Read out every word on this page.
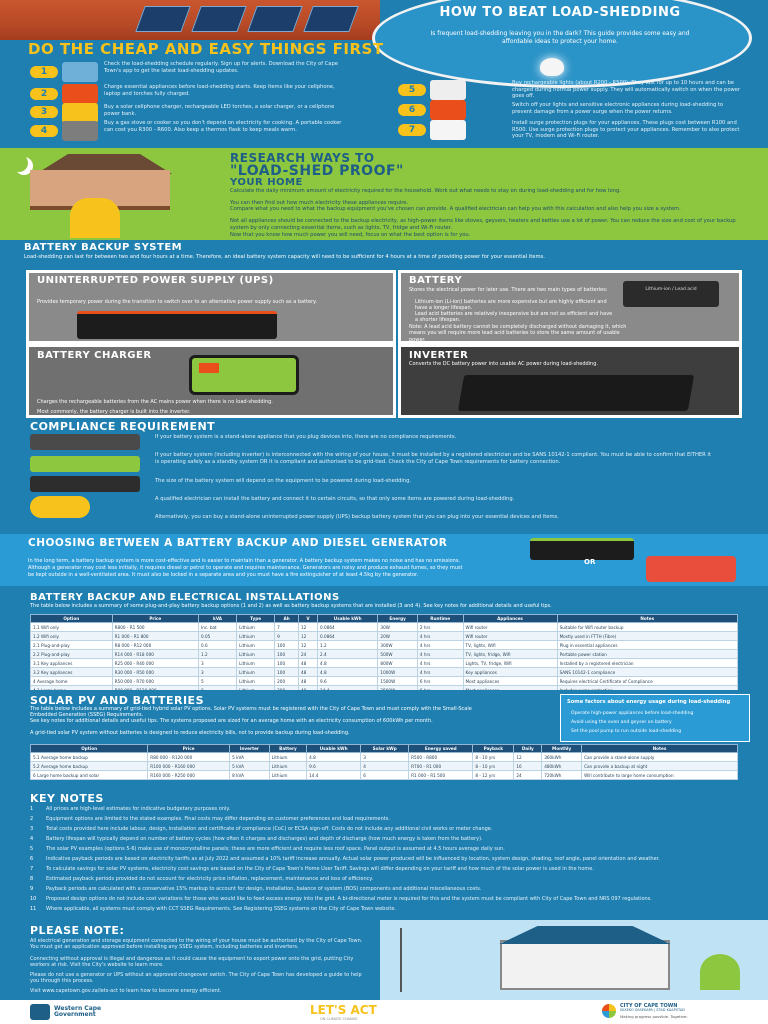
HOW TO BEAT LOAD-SHEDDING
Is frequent load-shedding leaving you in the dark? This guide provides some easy and affordable ideas to protect your home.
DO THE CHEAP AND EASY THINGS FIRST
1
Check the load-shedding schedule regularly. Sign up for alerts. Download the City of Cape Town's app to get the latest load-shedding updates.
2
Charge essential appliances before load-shedding starts. Keep items like your cellphone, laptop and torches fully charged.
3	Buy a solar cellphone charger, rechargeable LED torches, a solar charger, or a cellphone power bank.
4
Buy a gas stove or cooker so you don't depend on electricity for cooking. A portable cooker can cost you R300 - R600. Also keep a thermos flask to keep meals warm.
5
Buy rechargeable lights (about R200 - R500). They last for up to 10 hours and can be charged during normal power supply. They will automatically switch on when the power goes off.
6	Switch off your lights and sensitive electronic appliances during load-shedding to prevent damage from a power surge when the power returns.
7
Install surge protection plugs for your appliances. These plugs cost between R100 and R500. Use surge protection plugs to protect your appliances. Remember to also protect your TV, modem and Wi-Fi router.
RESEARCH WAYS TO
"LOAD-SHED PROOF"
YOUR HOME
Calculate the daily minimum amount of electricity required for the household. Work out what needs to stay on during load-shedding and for how long.
You can then find out how much electricity these appliances require.
Compare what you need to what the backup equipment you've chosen can provide. A qualified electrician can help you with this calculation and also help you size a system.
Not all appliances should be connected to the backup electricity, as high-power items like stoves, geysers, heaters and kettles use a lot of power. You can reduce the size and cost of your backup system by only connecting essential items, such as lights, TV, fridge and Wi-Fi router.
Now that you know how much power you will need, focus on what the best option is for you.
BATTERY BACKUP SYSTEM
Load-shedding can last for between two and four hours at a time. Therefore, an ideal battery system capacity will need to be sufficient for 4 hours at a time of providing power for your essential items.
UNINTERRUPTED POWER SUPPLY (UPS)
Provides temporary power during the transition to switch over to an alternative power supply such as a battery.
BATTERY
Stores the electrical power for later use. There are two main types of batteries:
Lithium-ion (Li-ion) batteries are more expensive but are highly efficient and have a longer lifespan.
Lead acid batteries are relatively inexpensive but are not as efficient and have a shorter lifespan.
Note: A lead acid battery cannot be completely discharged without damaging it, which means you will require more lead acid batteries to store the same amount of usable power.
Lithium-ion / Lead acid
BATTERY CHARGER
Charges the rechargeable batteries from the AC mains power when there is no load-shedding.
Most commonly, the battery charger is built into the inverter.
INVERTER
Converts the DC battery power into usable AC power during load-shedding.
COMPLIANCE REQUIREMENT
If your battery system is a stand-alone appliance that you plug devices into, there are no compliance requirements.
If your battery system (including inverter) is interconnected with the wiring of your house, it must be installed by a registered electrician and be SANS 10142-1 compliant. You must be able to confirm that EITHER it is operating safely as a standby system OR it is compliant and authorised to be grid-tied. Check the City of Cape Town requirements for battery connection.
The size of the battery system will depend on the equipment to be powered during load-shedding.
A qualified electrician can install the battery and connect it to certain circuits, so that only some items are powered during load-shedding.
Alternatively, you can buy a stand-alone uninterrupted power supply (UPS) backup battery system that you can plug into your essential devices and items.
CHOOSING BETWEEN A BATTERY BACKUP AND DIESEL GENERATOR
In the long term, a battery backup system is more cost-effective and is easier to maintain than a generator. A battery backup system makes no noise and has no emissions.
Although a generator may cost less initially, it requires diesel or petrol to operate and requires maintenance. Generators are noisy and produce exhaust fumes, so they must be kept outside in a well-ventilated area. It must also be locked in a separate area and you must have a fire extinguisher of at least 4.5kg by the generator.
OR
BATTERY BACKUP AND ELECTRICAL INSTALLATIONS
The table below includes a summary of some plug-and-play battery backup options (1 and 2) as well as battery backup systems that are installed (3 and 4). See key notes for additional details and useful tips.
Option	Price	kVA	Type	Ah	V	Usable kWh	Energy	Runtime	Appliances	Notes
1.1 Wifi only	R800 - R1 500	Inc. bat	Lithium	7	12	0.0864	30W	2 hrs	Wifi router	Suitable for Wifi router backup
1.2 Wifi only	R1 000 - R1 800	0.05	Lithium	9	12	0.0864	20W	4 hrs	Wifi router	Mostly used in FTTH (Fibre)
2.1 Plug-and-play	R8 000 - R12 000	0.6	Lithium	100	12	1.2	300W	4 hrs	TV, lights, Wifi	Plug in essential appliances
2.2 Plug-and-play	R14 000 - R18 000	1.2	Lithium	100	24	2.4	500W	4 hrs	TV, lights, fridge, Wifi	Portable power station
3.1 Key appliances	R25 000 - R40 000	3	Lithium	100	48	4.8	800W	4 hrs	Lights, TV, fridge, Wifi	Installed by a registered electrician
3.2 Key appliances	R30 000 - R50 000	3	Lithium	100	48	4.8	1000W	4 hrs	Key appliances	SANS 10142-1 compliance
4 Average home	R50 000 - R70 000	5	Lithium	200	48	9.6	1500W	6 hrs	Most appliances	Requires electrical Certificate of Compliance

SOLAR PV AND BATTERIES
The table below includes a summary of grid-tied hybrid solar PV options. Solar PV systems must be registered with the City of Cape Town and must comply with the Small-Scale Embedded Generation (SSEG) Requirements.
See key notes for additional details and useful tips. The systems proposed are sized for an average home with an electricity consumption of 600kWh per month.
A grid-tied solar PV system without batteries is designed to reduce electricity bills, not to provide backup during load-shedding.
Some factors about energy usage during load-shedding
Operate high-power appliances before load-shedding
Avoid using the oven and geyser on battery
Set the pool pump to run outside load-shedding
Option	Price	Inverter	Battery	Usable kWh	Solar kWp	Energy saved	Payback	Daily	Monthly	Notes
5.1 Average home backup	R80 000 - R120 000	5 kVA	Lithium	4.8	3	R500 - R800	8 - 10 yrs	12	360kWh	Can provide a stand-alone supply
5.2 Average home backup	R100 000 - R160 000	5 kVA	Lithium	9.6	4	R700 - R1 000	8 - 10 yrs	16	480kWh	Can provide a backup at night
6 Large home backup and solar	R160 000 - R250 000	8 kVA	Lithium	14.4	6	R1 000 - R1 500	8 - 12 yrs	24	720kWh	Will contribute to large home consumption
KEY NOTES
1	All prices are high-level estimates for indicative budgetary purposes only.
2	Equipment options are limited to the stated examples. Final costs may differ depending on customer preferences and load requirements.
3	Total costs provided here include labour, design, installation and certificate of compliance (CoC) or ECSA sign-off. Costs do not include any additional civil works or meter change.
4	Battery lifespan will typically depend on number of battery cycles (how often it charges and discharges) and depth of discharge (how much energy is taken from the battery).
5	The solar PV examples (options 5-6) make use of monocrystalline panels; these are more efficient and require less roof space. Panel output is assumed at 4.5 hours average daily sun.
6	Indicative payback periods are based on electricity tariffs as at July 2022 and assumed a 10% tariff increase annually. Actual solar power produced will be influenced by location, system design, shading, roof angle, panel orientation and weather.
7	To calculate savings for solar PV systems, electricity cost savings are based on the City of Cape Town's Home User Tariff. Savings will differ depending on your tariff and how much of the solar power is used in the home.
8	Estimated payback periods provided do not account for electricity price inflation, replacement, maintenance and loss of efficiency.
9	Payback periods are calculated with a conservative 15% markup to account for design, installation, balance of system (BOS) components and additional miscellaneous costs.
10 Proposed design options do not include cost variations for those who would like to feed excess energy into the grid. A bi-directional meter is required for this and the system must be compliant with City of Cape Town and NRS 097 regulations.
11 Where applicable, all systems must comply with CCT SSEG Requirements. See Registering SSEG systems on the City of Cape Town website.
PLEASE NOTE:
All electrical generation and storage equipment connected to the wiring of your house must be authorised by the City of Cape Town. You must get an application approved before installing any SSEG system, including batteries and inverters.
Connecting without approval is illegal and dangerous as it could cause the equipment to export power onto the grid, putting City workers at risk. Visit the City's website to learn more.
Please do not use a generator or UPS without an approved changeover switch. The City of Cape Town has developed a guide to help you through this process.
Visit www.capetown.gov.za/lets-act to learn how to become energy efficient.
Western Cape
Government	LET'S ACT
ON CLIMATE CHANGE
CITY OF CAPE TOWN
ISIXEKO SASEKAPA | STAD KAAPSTAD
Making progress possible. Together.
